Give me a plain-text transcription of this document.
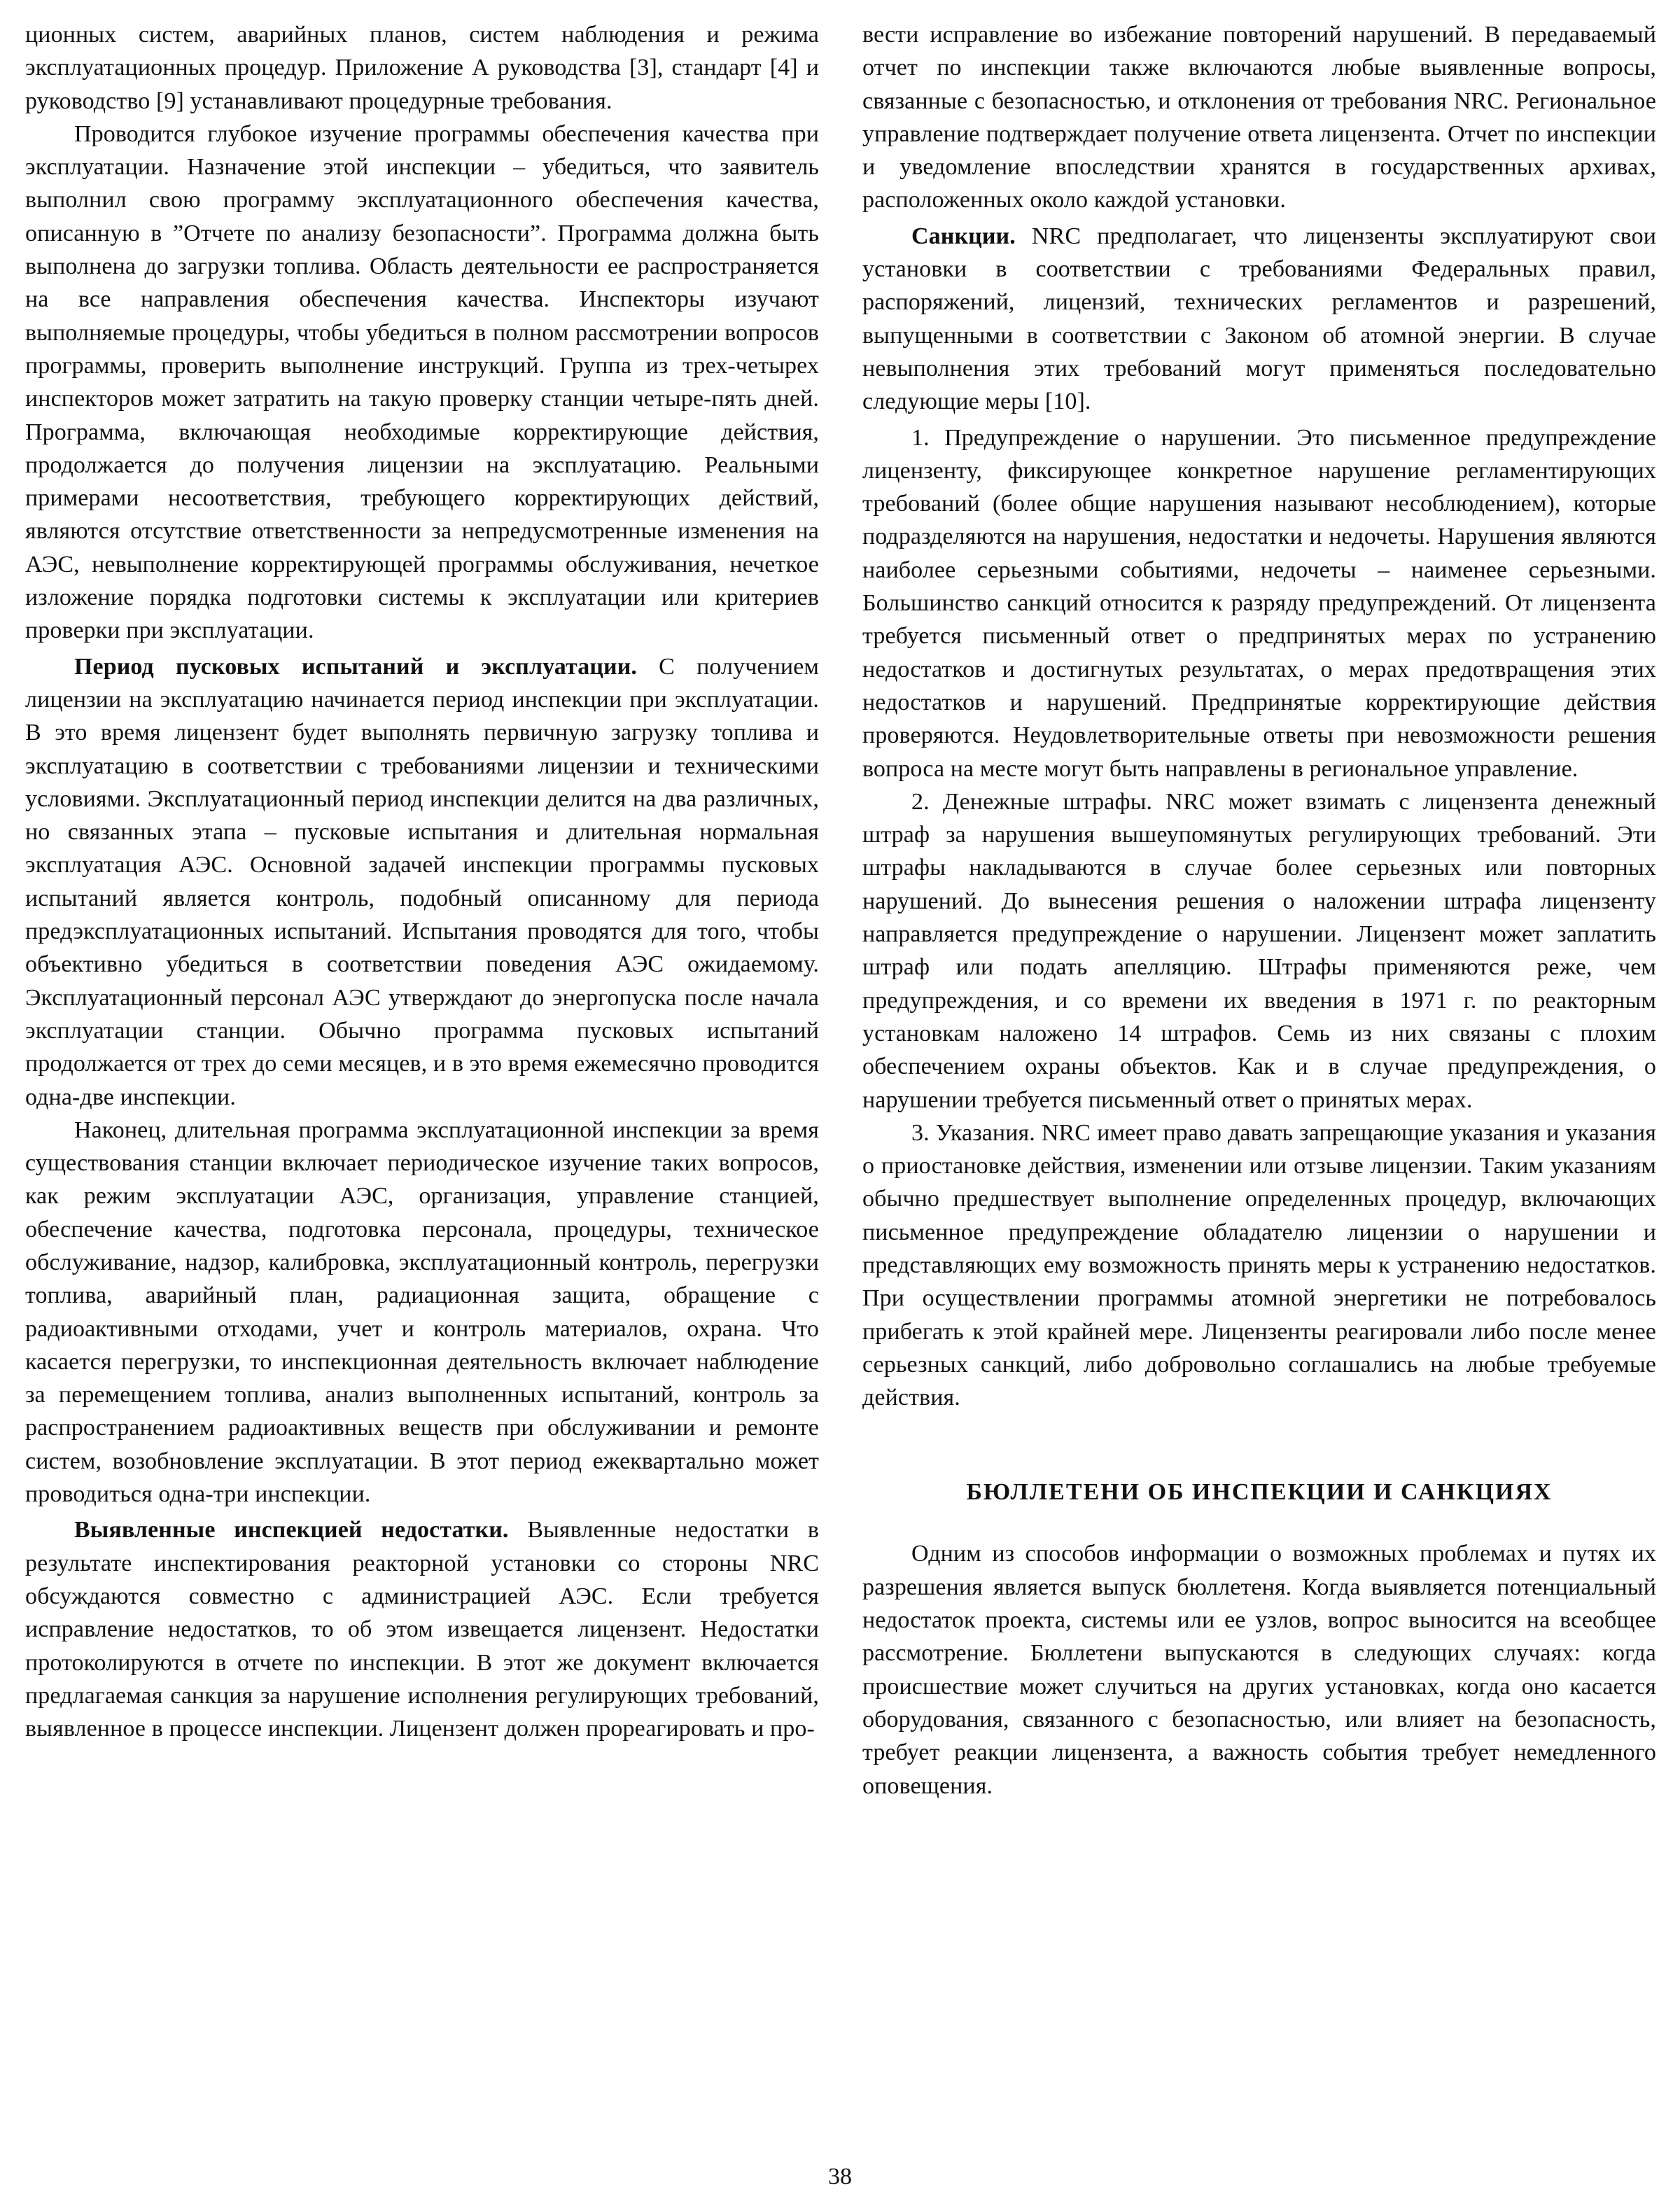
ционных систем, аварийных планов, систем наблюдения и режима эксплуатационных процедур. Приложение А руководства [3], стандарт [4] и руководство [9] устанавливают процедурные требования.

Проводится глубокое изучение программы обеспечения качества при эксплуатации. Назначение этой инспекции – убедиться, что заявитель выполнил свою программу эксплуатационного обеспечения качества, описанную в ”Отчете по анализу безопасности”. Программа должна быть выполнена до загрузки топлива. Область деятельности ее распространяется на все направления обеспечения качества. Инспекторы изучают выполняемые процедуры, чтобы убедиться в полном рассмотрении вопросов программы, проверить выполнение инструкций. Группа из трех-четырех инспекторов может затратить на такую проверку станции четыре-пять дней. Программа, включающая необходимые корректирующие действия, продолжается до получения лицензии на эксплуатацию. Реальными примерами несоответствия, требующего корректирующих действий, являются отсутствие ответственности за непредусмотренные изменения на АЭС, невыполнение корректирующей программы обслуживания, нечеткое изложение порядка подготовки системы к эксплуатации или критериев проверки при эксплуатации.

Период пусковых испытаний и эксплуатации. С получением лицензии на эксплуатацию начинается период инспекции при эксплуатации. В это время лицензент будет выполнять первичную загрузку топлива и эксплуатацию в соответствии с требованиями лицензии и техническими условиями. Эксплуатационный период инспекции делится на два различных, но связанных этапа – пусковые испытания и длительная нормальная эксплуатация АЭС. Основной задачей инспекции программы пусковых испытаний является контроль, подобный описанному для периода предэксплуатационных испытаний. Испытания проводятся для того, чтобы объективно убедиться в соответствии поведения АЭС ожидаемому. Эксплуатационный персонал АЭС утверждают до энергопуска после начала эксплуатации станции. Обычно программа пусковых испытаний продолжается от трех до семи месяцев, и в это время ежемесячно проводится одна-две инспекции.

Наконец, длительная программа эксплуатационной инспекции за время существования станции включает периодическое изучение таких вопросов, как режим эксплуатации АЭС, организация, управление станцией, обеспечение качества, подготовка персонала, процедуры, техническое обслуживание, надзор, калибровка, эксплуатационный контроль, перегрузки топлива, аварийный план, радиационная защита, обращение с радиоактивными отходами, учет и контроль материалов, охрана. Что касается перегрузки, то инспекционная деятельность включает наблюдение за перемещением топлива, анализ выполненных испытаний, контроль за распространением радиоактивных веществ при обслуживании и ремонте систем, возобновление эксплуатации. В этот период ежеквартально может проводиться одна-три инспекции.

Выявленные инспекцией недостатки. Выявленные недостатки в результате инспектирования реакторной установки со стороны NRC обсуждаются совместно с администрацией АЭС. Если требуется исправление недостатков, то об этом извещается лицензент. Недостатки протоколируются в отчете по инспекции. В этот же документ включается предлагаемая санкция за нарушение исполнения регулирующих требований, выявленное в процессе инспекции. Лицензент должен прореагировать и про-

вести исправление во избежание повторений нарушений. В передаваемый отчет по инспекции также включаются любые выявленные вопросы, связанные с безопасностью, и отклонения от требования NRC. Региональное управление подтверждает получение ответа лицензента. Отчет по инспекции и уведомление впоследствии хранятся в государственных архивах, расположенных около каждой установки.

Санкции. NRC предполагает, что лицензенты эксплуатируют свои установки в соответствии с требованиями Федеральных правил, распоряжений, лицензий, технических регламентов и разрешений, выпущенными в соответствии с Законом об атомной энергии. В случае невыполнения этих требований могут применяться последовательно следующие меры [10].

1. Предупреждение о нарушении. Это письменное предупреждение лицензенту, фиксирующее конкретное нарушение регламентирующих требований (более общие нарушения называют несоблюдением), которые подразделяются на нарушения, недостатки и недочеты. Нарушения являются наиболее серьезными событиями, недочеты – наименее серьезными. Большинство санкций относится к разряду предупреждений. От лицензента требуется письменный ответ о предпринятых мерах по устранению недостатков и достигнутых результатах, о мерах предотвращения этих недостатков и нарушений. Предпринятые корректирующие действия проверяются. Неудовлетворительные ответы при невозможности решения вопроса на месте могут быть направлены в региональное управление.

2. Денежные штрафы. NRC может взимать с лицензента денежный штраф за нарушения вышеупомянутых регулирующих требований. Эти штрафы накладываются в случае более серьезных или повторных нарушений. До вынесения решения о наложении штрафа лицензенту направляется предупреждение о нарушении. Лицензент может заплатить штраф или подать апелляцию. Штрафы применяются реже, чем предупреждения, и со времени их введения в 1971 г. по реакторным установкам наложено 14 штрафов. Семь из них связаны с плохим обеспечением охраны объектов. Как и в случае предупреждения, о нарушении требуется письменный ответ о принятых мерах.

3. Указания. NRC имеет право давать запрещающие указания и указания о приостановке действия, изменении или отзыве лицензии. Таким указаниям обычно предшествует выполнение определенных процедур, включающих письменное предупреждение обладателю лицензии о нарушении и представляющих ему возможность принять меры к устранению недостатков. При осуществлении программы атомной энергетики не потребовалось прибегать к этой крайней мере. Лицензенты реагировали либо после менее серьезных санкций, либо добровольно соглашались на любые требуемые действия.

БЮЛЛЕТЕНИ ОБ ИНСПЕКЦИИ И САНКЦИЯХ

Одним из способов информации о возможных проблемах и путях их разрешения является выпуск бюллетеня. Когда выявляется потенциальный недостаток проекта, системы или ее узлов, вопрос выносится на всеобщее рассмотрение. Бюллетени выпускаются в следующих случаях: когда происшествие может случиться на других установках, когда оно касается оборудования, связанного с безопасностью, или влияет на безопасность, требует реакции лицензента, а важность события требует немедленного оповещения.

38
